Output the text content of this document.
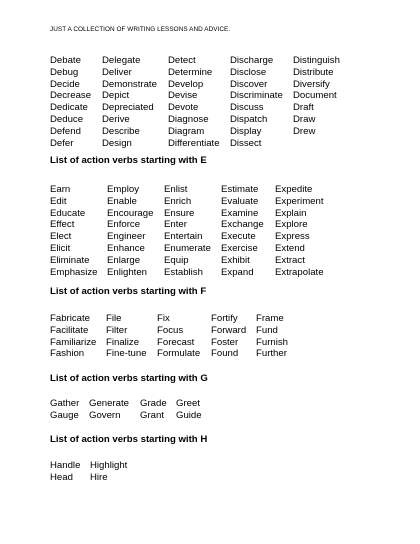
JUST A COLLECTION OF WRITING LESSONS AND ADVICE.
Debate
Debug
Decide
Decrease
Dedicate
Deduce
Defend
Defer
Delegate
Deliver
Demonstrate
Depict
Depreciated
Derive
Describe
Design
Detect
Determine
Develop
Devise
Devote
Diagnose
Diagram
Differentiate
Discharge
Disclose
Discover
Discriminate
Discuss
Dispatch
Display
Dissect
Distinguish
Distribute
Diversify
Document
Draft
Draw
Drew
List of action verbs starting with E
Earn
Edit
Educate
Effect
Elect
Elicit
Eliminate
Emphasize
Employ
Enable
Encourage
Enforce
Engineer
Enhance
Enlarge
Enlighten
Enlist
Enrich
Ensure
Enter
Entertain
Enumerate
Equip
Establish
Estimate
Evaluate
Examine
Exchange
Execute
Exercise
Exhibit
Expand
Expedite
Experiment
Explain
Explore
Express
Extend
Extract
Extrapolate
List of action verbs starting with F
Fabricate
Facilitate
Familiarize
Fashion
File
Filter
Finalize
Fine-tune
Fix
Focus
Forecast
Formulate
Fortify
Forward
Foster
Found
Frame
Fund
Furnish
Further
List of action verbs starting with G
Gather
Gauge
Generate
Govern
Grade
Grant
Greet
Guide
List of action verbs starting with H
Handle
Head
Highlight
Hire
